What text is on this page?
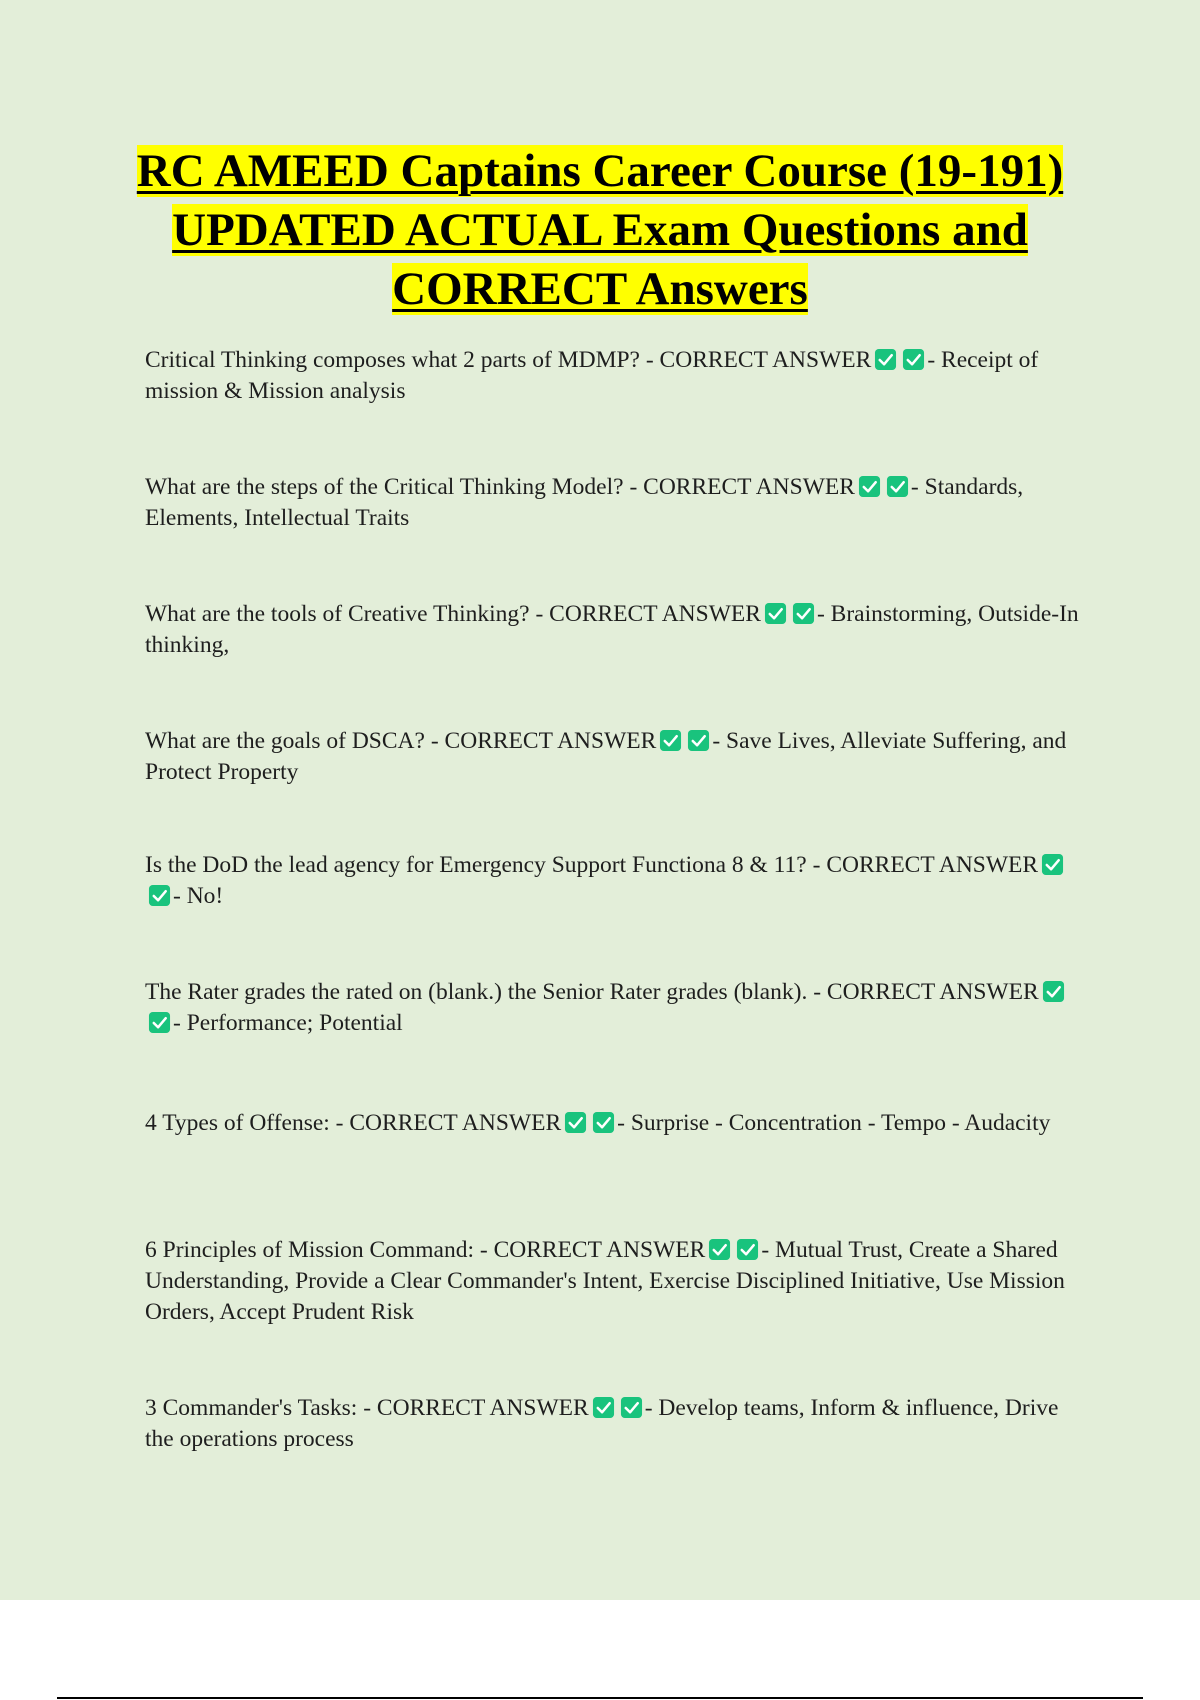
RC AMEED Captains Career Course (19-191) UPDATED ACTUAL Exam Questions and CORRECT Answers

Critical Thinking composes what 2 parts of MDMP? - CORRECT ANSWER - Receipt of mission & Mission analysis

What are the steps of the Critical Thinking Model? - CORRECT ANSWER - Standards, Elements, Intellectual Traits

What are the tools of Creative Thinking? - CORRECT ANSWER - Brainstorming, Outside-In thinking,

What are the goals of DSCA? - CORRECT ANSWER - Save Lives, Alleviate Suffering, and Protect Property

Is the DoD the lead agency for Emergency Support Functiona 8 & 11? - CORRECT ANSWER
- No!

The Rater grades the rated on (blank.) the Senior Rater grades (blank). - CORRECT ANSWER
- Performance; Potential

4 Types of Offense: - CORRECT ANSWER - Surprise - Concentration - Tempo - Audacity

6 Principles of Mission Command: - CORRECT ANSWER - Mutual Trust, Create a Shared Understanding, Provide a Clear Commander's Intent, Exercise Disciplined Initiative, Use Mission Orders, Accept Prudent Risk

3 Commander's Tasks: - CORRECT ANSWER - Develop teams, Inform & influence, Drive the operations process
